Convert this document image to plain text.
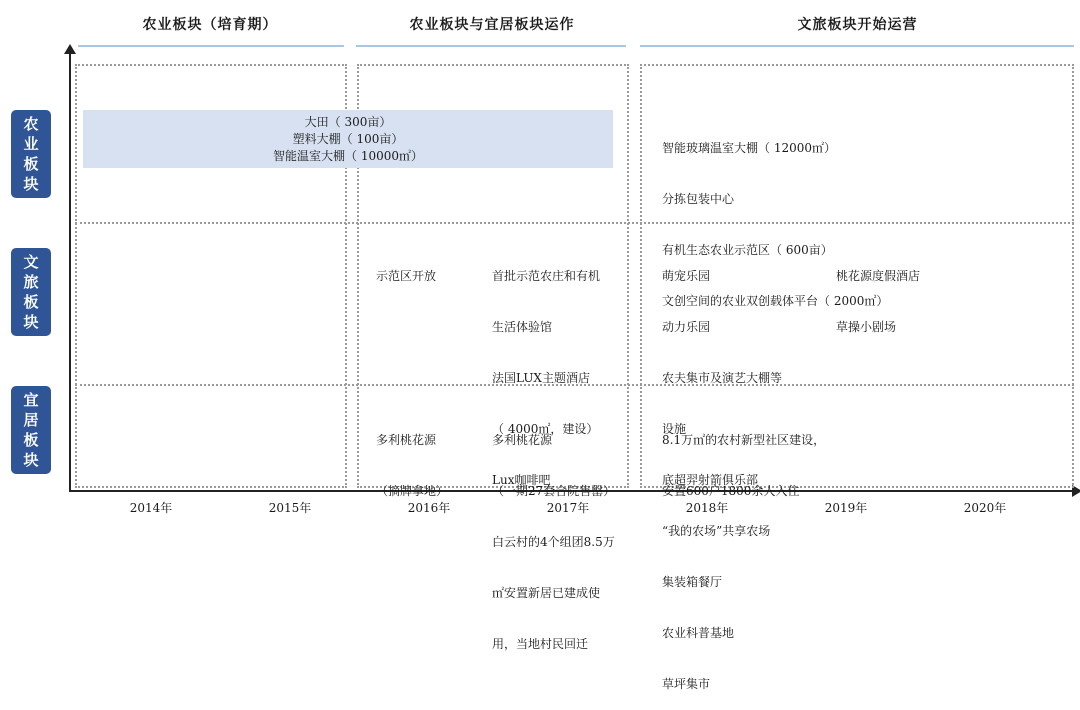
农业板块（培育期）	农业板块与宜居板块运作	文旅板块开始运营
农
业
板
块
文
旅
板
块
宜
居
板
块
大田（ 300亩）
塑料大棚（ 100亩）
智能温室大棚（ 10000㎡）

智能玻璃温室大棚（ 12000㎡）

分拣包装中心

有机生态农业示范区（ 600亩）

文创空间的农业双创载体平台（ 2000㎡）

示范区开放

	首批示范农庄和有机

生活体验馆

法国LUX主题酒店

（ 4000㎡，建设）

Lux咖啡吧

萌宠乐园

动力乐园

农夫集市及演艺大棚等

设施

底超羿射箭俱乐部

“我的农场”共享农场

集装箱餐厅

农业科普基地

草坪集市

桃花源度假酒店

草操小剧场

多利桃花源

（摘牌拿地）

多利桃花源

（一期27套合院售罄）

白云村的4个组团8.5万

㎡安置新居已建成使

用，当地村民回迁

8.1万㎡的农村新型社区建设，

安置600户1800余人入住

2014年	2015年	2016年	2017年	2018年	2019年	2020年
